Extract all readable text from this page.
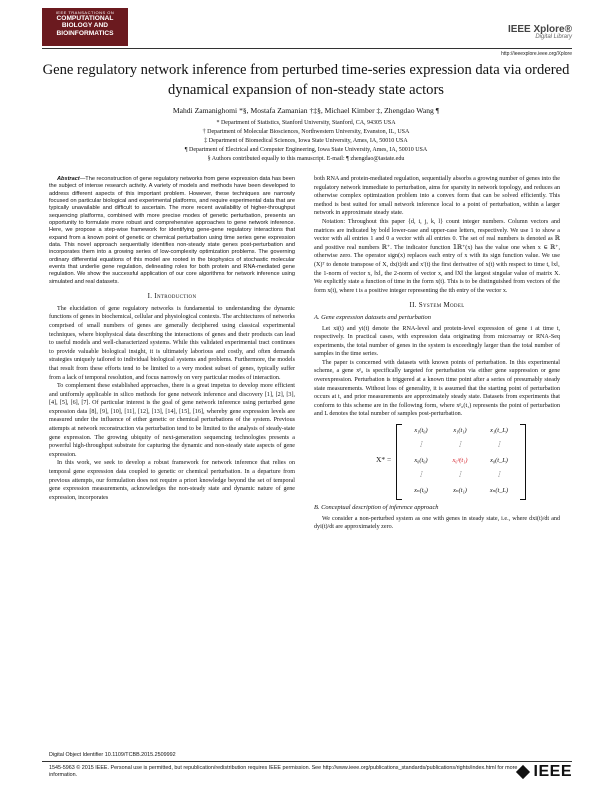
IEEE TRANSACTIONS ON
COMPUTATIONAL
BIOLOGY AND
BIOINFORMATICS	IEEE Xplore®
Digital Library
http://ieeexplore.ieee.org/Xplore
Gene regulatory network inference from perturbed time-series expression data via ordered dynamical expansion of non-steady state actors
Mahdi Zamanighomi *§, Mostafa Zamanian †‡§, Michael Kimber ‡, Zhengdao Wang ¶
* Department of Statistics, Stanford University, Stanford, CA, 94305 USA
† Department of Molecular Biosciences, Northwestern University, Evanston, IL, USA
‡ Department of Biomedical Sciences, Iowa State University, Ames, IA, 50010 USA
¶ Department of Electrical and Computer Engineering, Iowa State University, Ames, IA, 50010 USA
§ Authors contributed equally to this manuscript. E-mail: ¶ zhengdao@iastate.edu

Abstract—The reconstruction of gene regulatory networks from gene expression data has been the subject of intense research activity. A variety of models and methods have been developed to address different aspects of this important problem. However, these techniques are narrowly focused on particular biological and experimental platforms, and require experimental data that are typically unavailable and difficult to ascertain. The more recent availability of higher-throughput sequencing platforms, combined with more precise modes of genetic perturbation, presents an opportunity to formulate more robust and comprehensive approaches to gene network inference. Here, we propose a step-wise framework for identifying gene-gene regulatory interactions that expand from a known point of genetic or chemical perturbation using time series gene expression data. This novel approach sequentially identifies non-steady state genes post-perturbation and incorporates them into a growing series of low-complexity optimization problems. The governing ordinary differential equations of this model are rooted in the biophysics of stochastic molecular events that underlie gene regulation, delineating roles for both protein and RNA-mediated gene regulation. We show the successful application of our core algorithms for network inference using simulated and real datasets.

I. Introduction

The elucidation of gene regulatory networks is fundamental to understanding the dynamic functions of genes in biochemical, cellular and physiological contexts. The architectures of networks comprised of small numbers of genes are generally deciphered using classical experimental techniques, where biophysical data describing the interactions of genes and their products can lead to useful models and well-characterized systems. While this validated experimental tract continues to provide valuable biological insight, it is ultimately laborious and costly, and often demands strategies uniquely tailored to individual biological systems and problems. Furthermore, the models that result from these efforts tend to be limited to a very modest subset of genes, typically suffer from a lack of temporal resolution, and focus narrowly on very particular modes of interaction.

To complement these established approaches, there is a great impetus to develop more efficient and uniformly applicable in silico methods for gene network inference and discovery [1], [2], [3], [4], [5], [6], [7]. Of particular interest is the goal of gene network inference using perturbed gene expression data [8], [9], [10], [11], [12], [13], [14], [15], [16], whereby gene expression levels are measured under the influence of either genetic or chemical perturbations of the system. Previous attempts at network reconstruction via perturbation tend to be limited to the analysis of steady-state gene expression. The growing ubiquity of next-generation sequencing technologies presents a powerful high-throughput substrate for capturing the dynamic and non-steady state aspects of gene expression.

In this work, we seek to develop a robust framework for network inference that relies on temporal gene expression data coupled to genetic or chemical perturbation. In a departure from previous attempts, our formulation does not require a priori knowledge beyond the set of temporal gene expression measurements, acknowledges the non-steady state and dynamic nature of gene expression, incorporates

both RNA and protein-mediated regulation, sequentially absorbs a growing number of genes into the regulatory network immediate to perturbation, aims for sparsity in network topology, and reduces an otherwise complex optimization problem into a convex form that can be solved efficiently. This method is best suited for small network inference local to a point of perturbation, within a larger network in approximate steady state.

Notation: Throughout this paper {d, i, j, k, l} count integer numbers. Column vectors and matrices are indicated by bold lower-case and upper-case letters, respectively. We use 1 to show a vector with all entries 1 and 0 a vector with all entries 0. The set of real numbers is denoted as ℝ and positive real numbers ℝ⁺. The indicator function 𝟙ℝ⁺(x) has the value one when x ∈ ℝ⁺, otherwise zero. The operator sign(x) replaces each entry of x with its sign function value. We use (X)ᵀ to denote transpose of X, dx(t)/dt and xʹ(t) the first derivative of x(t) with respect to time t, ‖x‖₁ the 1-norm of vector x, ‖x‖₂ the 2-norm of vector x, and ‖X‖ the largest singular value of matrix X. We explicitly state a function of time in the form x(t). This is to be distinguished from vectors of the form x(t), where t is a positive integer representing the tth entry of the vector x.

II. System Model
A. Gene expression datasets and perturbation

Let xi(t) and yi(t) denote the RNA-level and protein-level expression of gene i at time t, respectively. In practical cases, with expression data originating from microarray or RNA-Seq experiments, the total number of genes in the system is exceedingly larger than the total number of samples in the time series.

The paper is concerned with datasets with known points of perturbation. In this experimental scheme, a gene xᵖ₀ is specifically targeted for perturbation via either gene suppression or gene overexpression. Perturbation is triggered at a known time point after a series of presumably steady state measurements. Without loss of generality, it is assumed that the starting point of perturbation occurs at t₁ and prior measurements are approximately steady state. Datasets from experiments that conform to this scheme are in the following form, where xᵖ₀(t₁) represents the point of perturbation and L denotes the total number of samples post-perturbation.

X* =
x₁(t₀)	x₁(t₁)	x₁(t_L)
⋮	⋮	⋮
x₀(t₀)	x₀ᵖ(t₁)	x₀(t_L)
⋮	⋮	⋮
xₙ(t₀)	xₙ(t₁)	xₙ(t_L)
B. Conceptual description of inference approach

We consider a non-perturbed system as one with genes in steady state, i.e., where dxi(t)/dt and dyi(t)/dt are approximately zero.

Digital Object Identifier 10.1109/TCBB.2015.2509992
1545-5963 © 2015 IEEE. Personal use is permitted, but republication/redistribution requires IEEE permission. See http://www.ieee.org/publications_standards/publications/rights/index.html for more information.	IEEE
